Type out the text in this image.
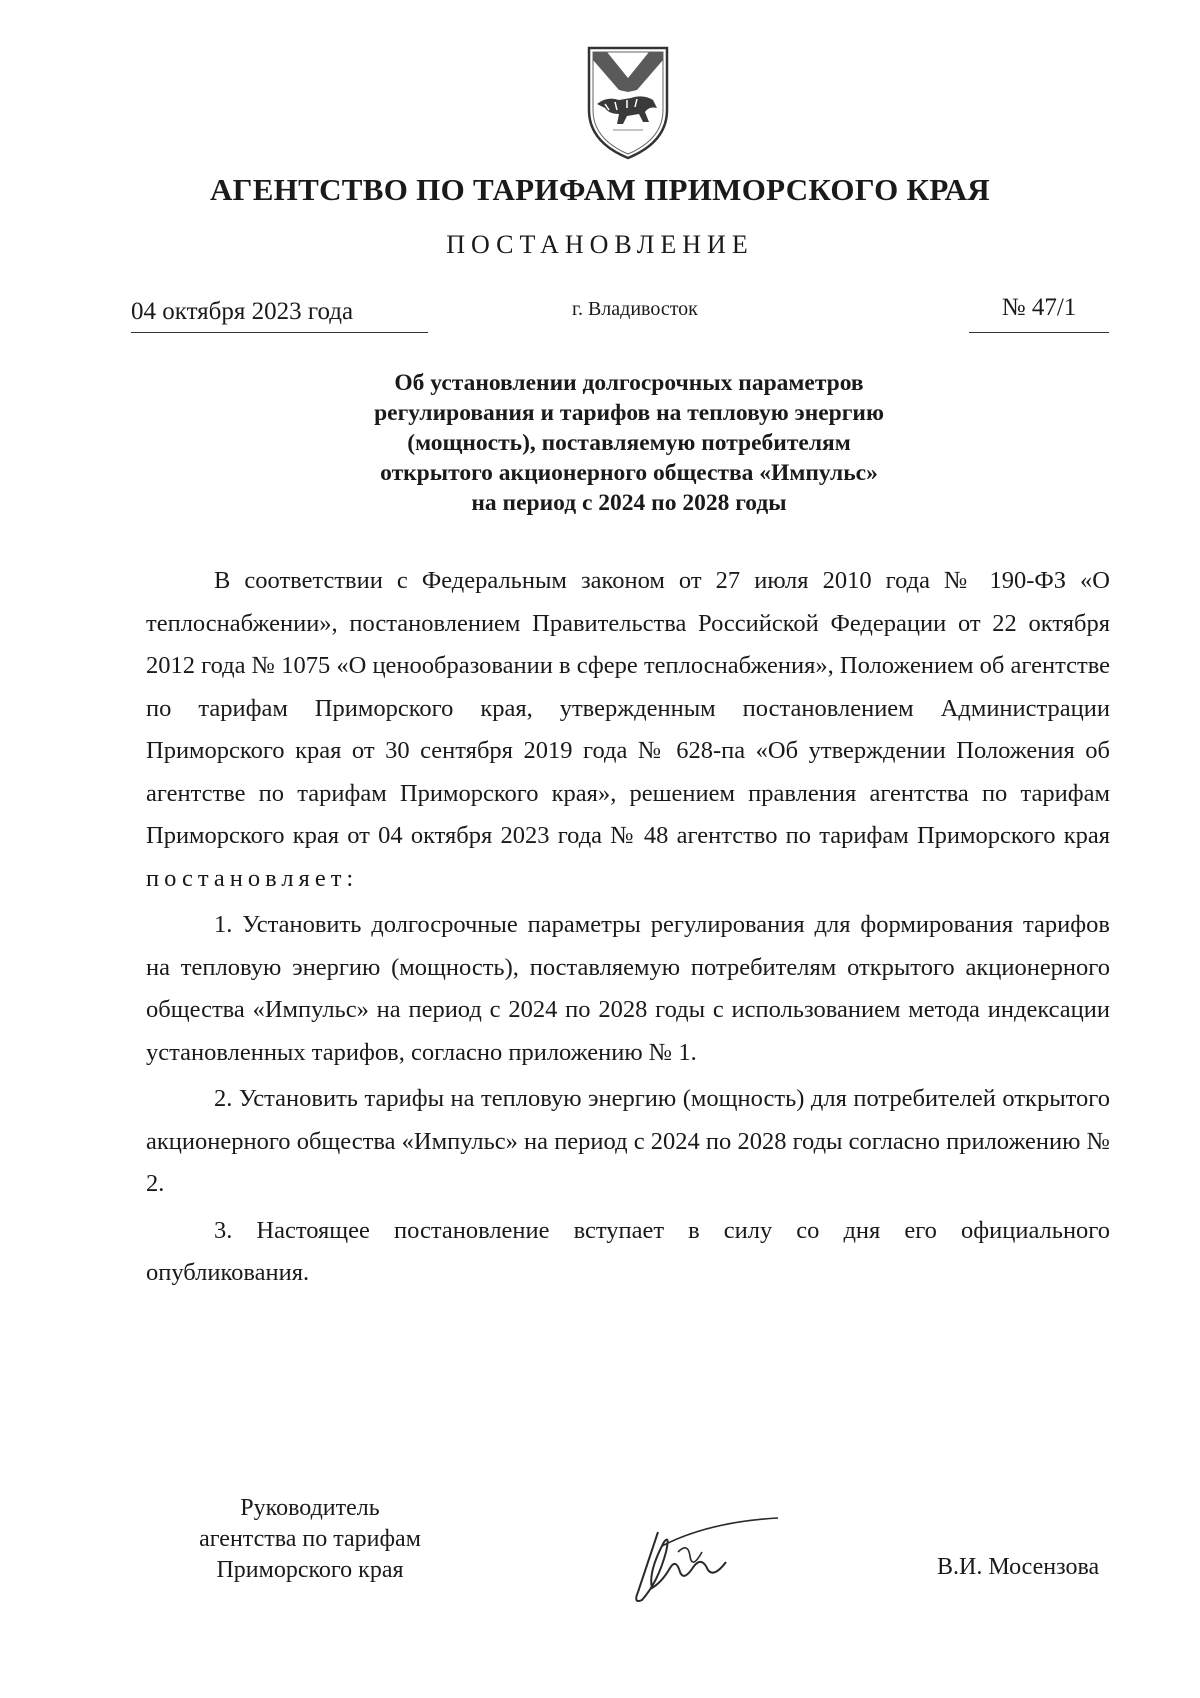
АГЕНТСТВО ПО ТАРИФАМ ПРИМОРСКОГО КРАЯ
ПОСТАНОВЛЕНИЕ
04 октября 2023 года	г. Владивосток	№ 47/1
Об установлении долгосрочных параметров
регулирования и тарифов на тепловую энергию
(мощность), поставляемую потребителям
открытого акционерного общества «Импульс»
на период с 2024 по 2028 годы

В соответствии с Федеральным законом от 27 июля 2010 года № 190-ФЗ «О теплоснабжении», постановлением Правительства Российской Федерации от 22 октября 2012 года № 1075 «О ценообразовании в сфере теплоснабжения», Положением об агентстве по тарифам Приморского края, утвержденным постановлением Администрации Приморского края от 30 сентября 2019 года № 628-па «Об утверждении Положения об агентстве по тарифам Приморского края», решением правления агентства по тарифам Приморского края от 04 октября 2023 года № 48 агентство по тарифам Приморского края постановляет:

1. Установить долгосрочные параметры регулирования для формирования тарифов на тепловую энергию (мощность), поставляемую потребителям открытого акционерного общества «Импульс» на период с 2024 по 2028 годы с использованием метода индексации установленных тарифов, согласно приложению № 1.

2. Установить тарифы на тепловую энергию (мощность) для потребителей открытого акционерного общества «Импульс» на период с 2024 по 2028 годы согласно приложению № 2.

3. Настоящее постановление вступает в силу со дня его официального опубликования.

Руководитель
агентства по тарифам
Приморского края	В.И. Мосензова
